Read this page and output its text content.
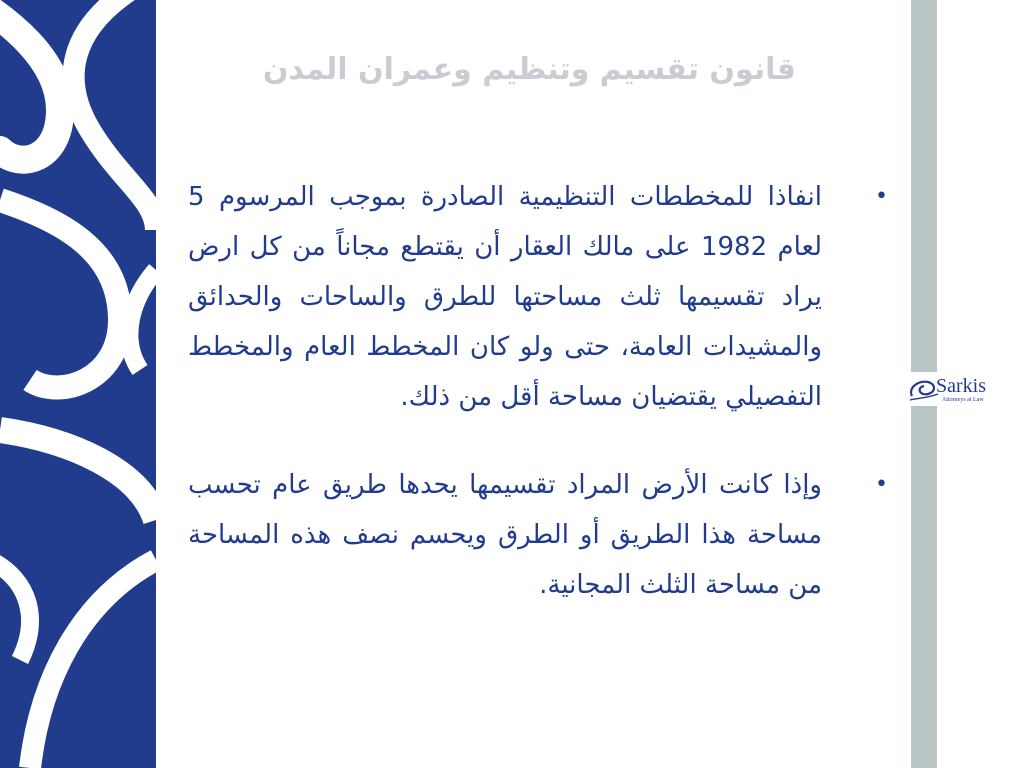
Sarkis
Attorneys at Law
قانون تقسيم وتنظيم وعمران المدن
•
انفاذا للمخططات التنظيمية الصادرة بموجب المرسوم 5 لعام 1982 على مالك العقار أن يقتطع مجاناً من كل ارض يراد تقسيمها ثلث مساحتها للطرق والساحات والحدائق والمشيدات العامة، حتى ولو كان المخطط العام والمخطط التفصيلي يقتضيان مساحة أقل من ذلك.
•
وإذا كانت الأرض المراد تقسيمها يحدها طريق عام تحسب مساحة هذا الطريق أو الطرق ويحسم نصف هذه المساحة من مساحة الثلث المجانية.
